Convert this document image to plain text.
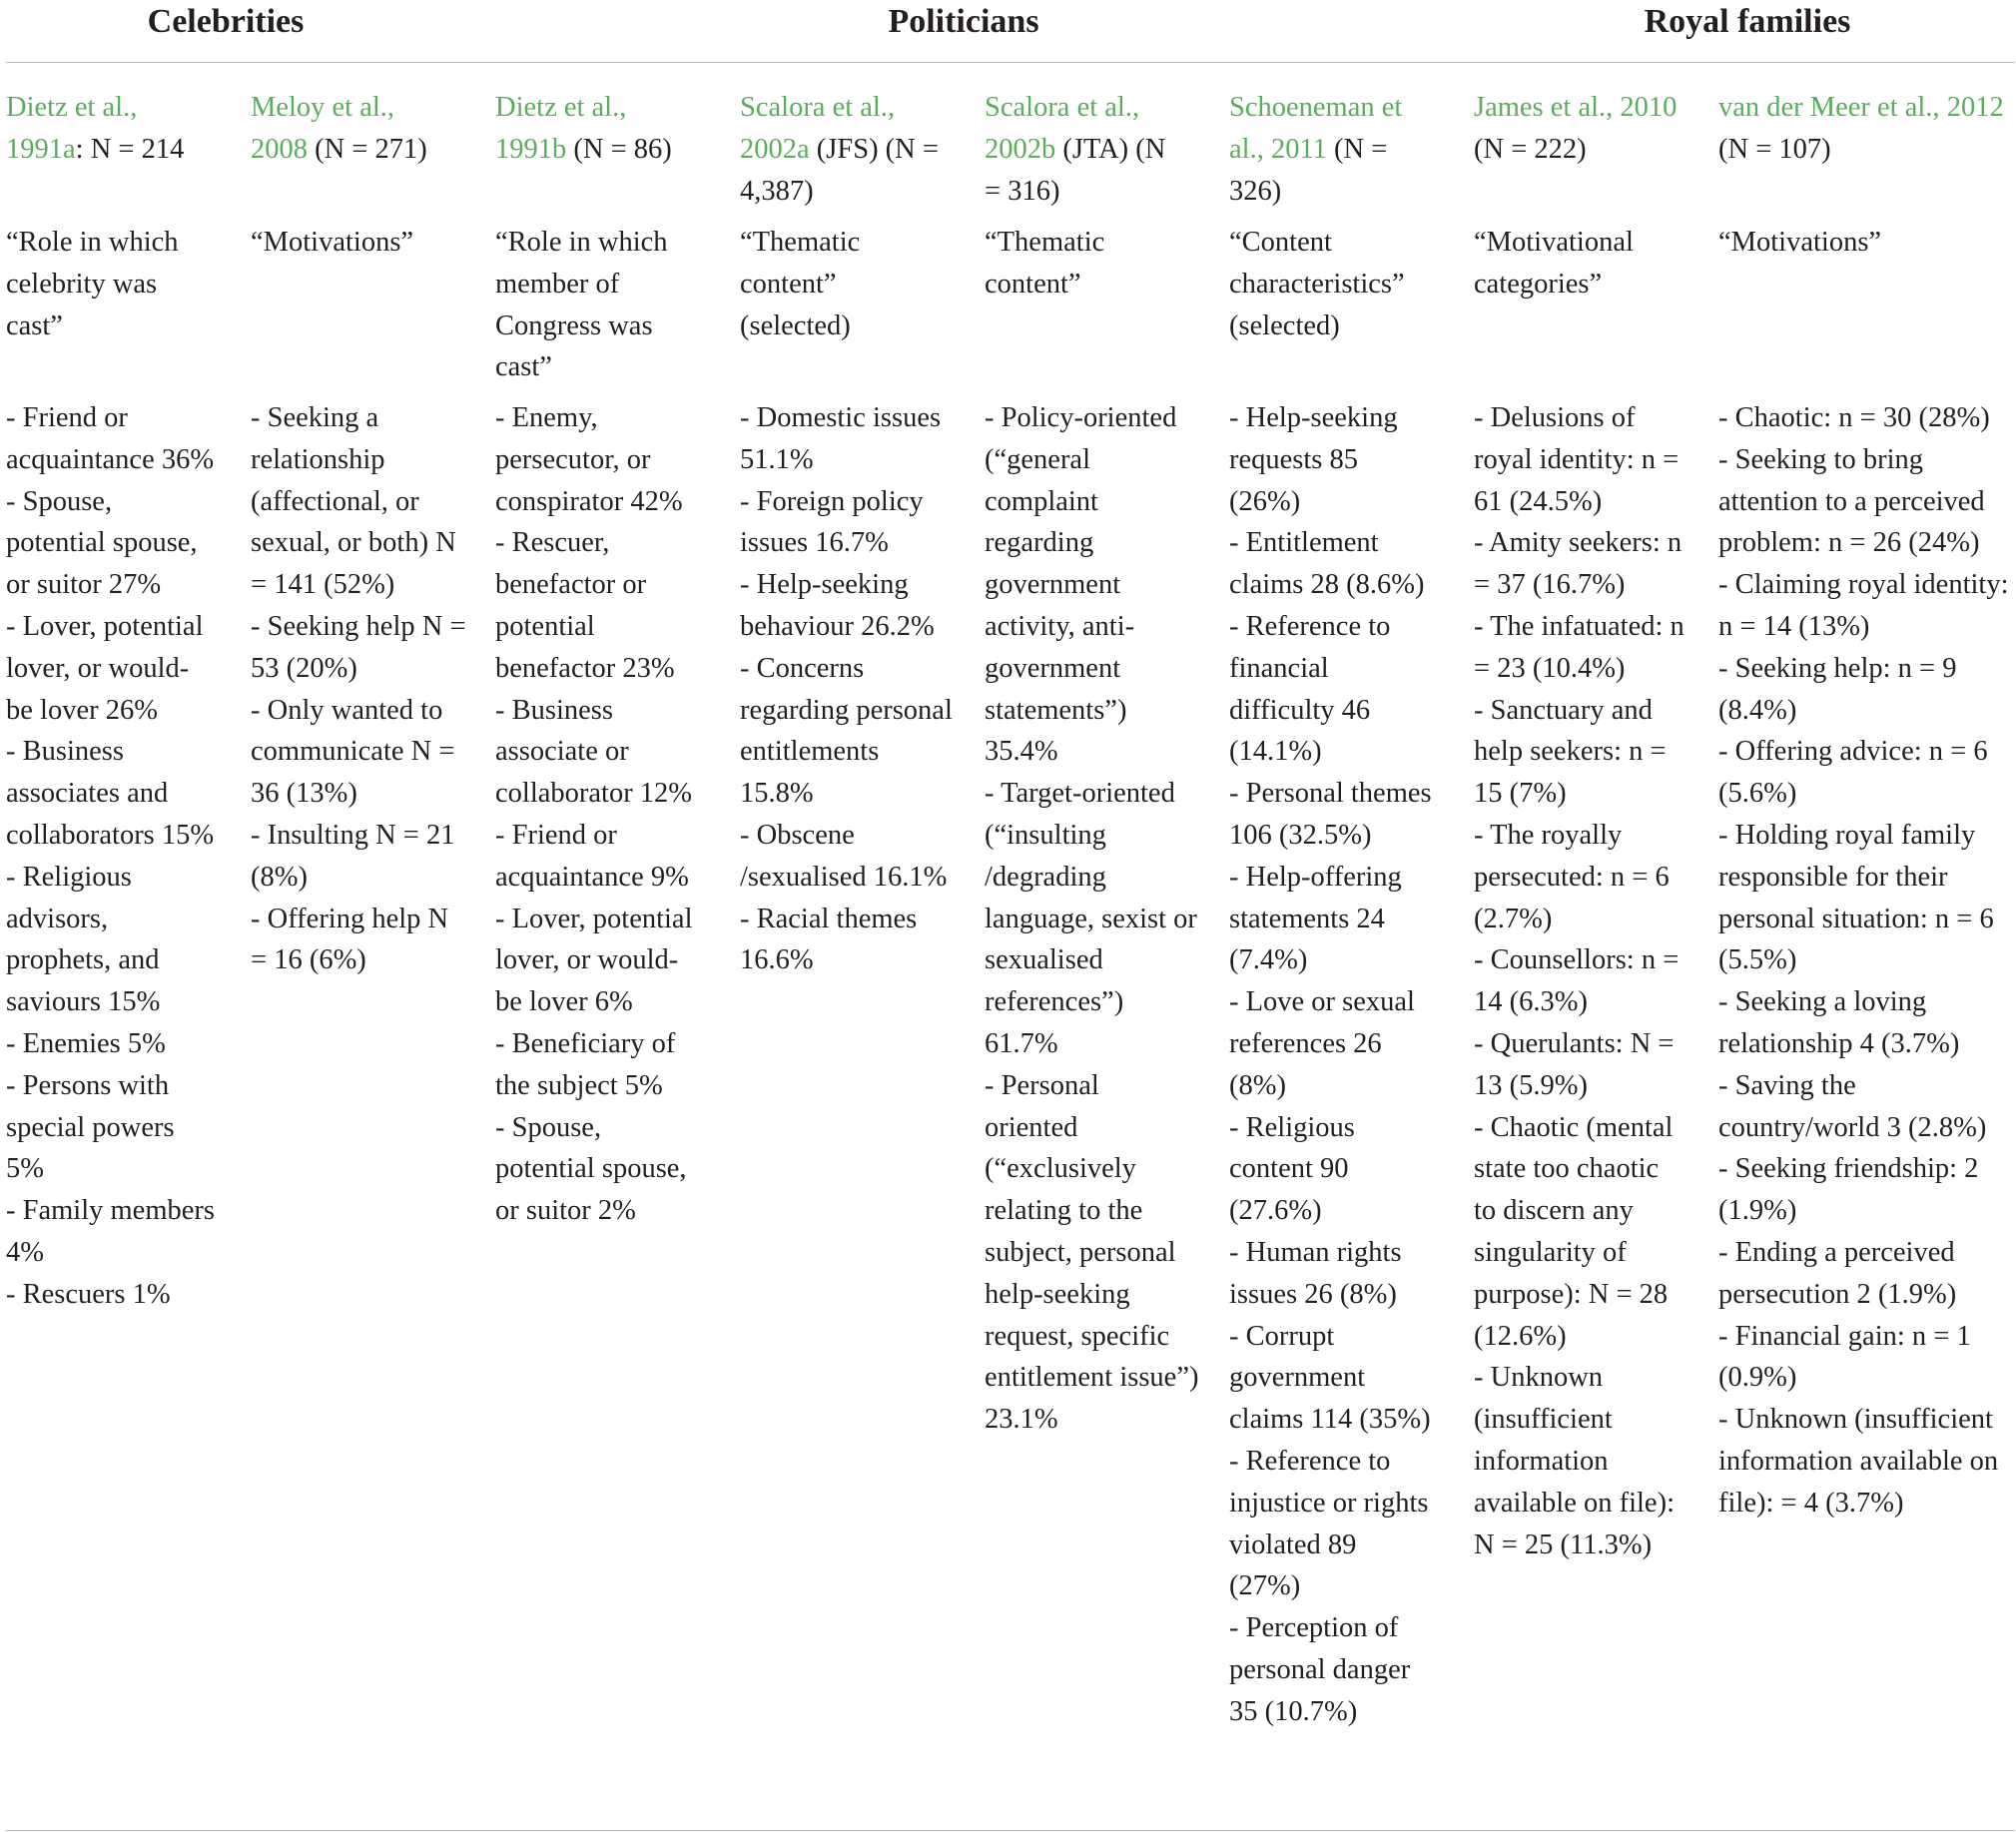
Celebrities	Politicians	Royal families
Dietz et al.,
1991a: N = 214
“Role in which celebrity was cast”
- Friend or acquaintance 36%
- Spouse, potential spouse, or suitor 27%
- Lover, potential lover, or would-be lover 26%
- Business associates and collaborators 15%
- Religious advisors, prophets, and saviours 15%
- Enemies 5%
- Persons with special powers 5%
- Family members 4%
- Rescuers 1%
Meloy et al.,
2008 (N = 271)
“Motivations”
- Seeking a relationship (affectional, or sexual, or both) N = 141 (52%)
- Seeking help N = 53 (20%)
- Only wanted to communicate N = 36 (13%)
- Insulting N = 21 (8%)
- Offering help N = 16 (6%)
Dietz et al.,
1991b (N = 86)
“Role in which member of Congress was cast”
- Enemy, persecutor, or conspirator 42%
- Rescuer, benefactor or potential benefactor 23%
- Business associate or collaborator 12%
- Friend or acquaintance 9%
- Lover, potential lover, or would-be lover 6%
- Beneficiary of the subject 5%
- Spouse, potential spouse, or suitor 2%
Scalora et al.,
2002a (JFS) (N = 4,387)
“Thematic content” (selected)
- Domestic issues 51.1%
- Foreign policy issues 16.7%
- Help-seeking behaviour 26.2%
- Concerns regarding personal entitlements 15.8%
- Obscene /sexualised 16.1%
- Racial themes 16.6%
Scalora et al.,
2002b (JTA) (N = 316)
“Thematic content”
- Policy-oriented (“general complaint regarding government activity, anti-government statements”) 35.4%
- Target-oriented (“insulting /degrading language, sexist or sexualised references”) 61.7%
- Personal oriented (“exclusively relating to the subject, personal help-seeking request, specific entitlement issue”) 23.1%
Schoeneman et al., 2011 (N = 326)
“Content characteristics” (selected)
- Help-seeking requests 85 (26%)
- Entitlement claims 28 (8.6%)
- Reference to financial difficulty 46 (14.1%)
- Personal themes 106 (32.5%)
- Help-offering statements 24 (7.4%)
- Love or sexual references 26 (8%)
- Religious content 90 (27.6%)
- Human rights issues 26 (8%)
- Corrupt government claims 114 (35%)
- Reference to injustice or rights violated 89 (27%)
- Perception of personal danger 35 (10.7%)
James et al., 2010
(N = 222)
“Motivational categories”
- Delusions of royal identity: n = 61 (24.5%)
- Amity seekers: n = 37 (16.7%)
- The infatuated: n = 23 (10.4%)
- Sanctuary and help seekers: n = 15 (7%)
- The royally persecuted: n = 6 (2.7%)
- Counsellors: n = 14 (6.3%)
- Querulants: N = 13 (5.9%)
- Chaotic (mental state too chaotic to discern any singularity of purpose): N = 28 (12.6%)
- Unknown (insufficient information available on file): N = 25 (11.3%)
van der Meer et al., 2012
(N = 107)
“Motivations”
- Chaotic: n = 30 (28%)
- Seeking to bring attention to a perceived problem: n = 26 (24%)
- Claiming royal identity: n = 14 (13%)
- Seeking help: n = 9 (8.4%)
- Offering advice: n = 6 (5.6%)
- Holding royal family responsible for their personal situation: n = 6 (5.5%)
- Seeking a loving relationship 4 (3.7%)
- Saving the country/world 3 (2.8%)
- Seeking friendship: 2 (1.9%)
- Ending a perceived persecution 2 (1.9%)
- Financial gain: n = 1 (0.9%)
- Unknown (insufficient information available on file): = 4 (3.7%)
